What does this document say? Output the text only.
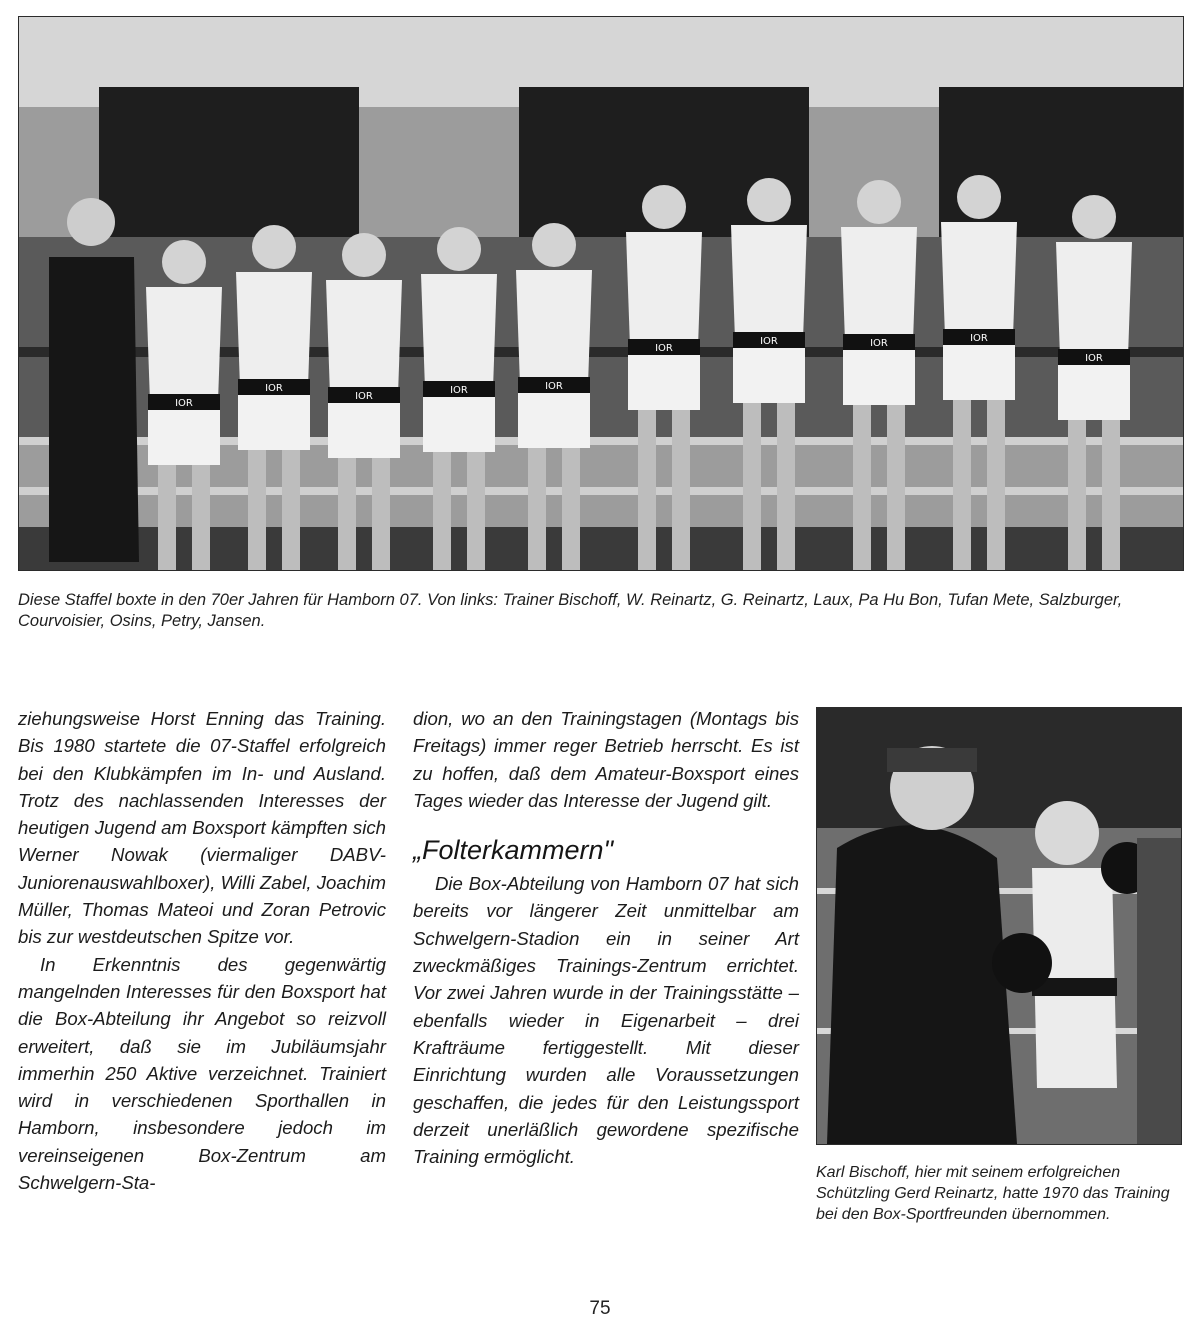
IOR
IOR
IOR
IOR	IOR
IOR
IOR	IOR	IOR
IOR

Diese Staffel boxte in den 70er Jahren für Hamborn 07. Von links: Trainer Bischoff, W. Reinartz, G. Reinartz, Laux, Pa Hu Bon, Tufan Mete, Salzburger, Courvoisier, Osins, Petry, Jansen.

ziehungsweise Horst Enning das Training. Bis 1980 startete die 07-Staffel erfolgreich bei den Klubkämpfen im In- und Ausland. Trotz des nachlassenden Interesses der heutigen Jugend am Boxsport kämpften sich Werner Nowak (viermaliger DABV-Juniorenauswahlboxer), Willi Zabel, Joachim Müller, Thomas Mateoi und Zoran Petrovic bis zur westdeutschen Spitze vor.

In Erkenntnis des gegenwärtig mangelnden Interesses für den Boxsport hat die Box-Abteilung ihr Angebot so reizvoll erweitert, daß sie im Jubiläumsjahr immerhin 250 Aktive verzeichnet. Trainiert wird in verschiedenen Sporthallen in Hamborn, insbesondere jedoch im vereinseigenen Box-Zentrum am Schwelgern-Sta-

dion, wo an den Trainingstagen (Montags bis Freitags) immer reger Betrieb herrscht. Es ist zu hoffen, daß dem Amateur-Boxsport eines Tages wieder das Interesse der Jugend gilt.

„Folterkammern"

Die Box-Abteilung von Hamborn 07 hat sich bereits vor längerer Zeit unmittelbar am Schwelgern-Stadion ein in seiner Art zweckmäßiges Trainings-Zentrum errichtet. Vor zwei Jahren wurde in der Trainingsstätte – ebenfalls wieder in Eigenarbeit – drei Krafträume fertiggestellt. Mit dieser Einrichtung wurden alle Voraussetzungen geschaffen, die jedes für den Leistungssport derzeit unerläßlich gewordene spezifische Training ermöglicht.

Karl Bischoff, hier mit seinem erfolgreichen Schützling Gerd Reinartz, hatte 1970 das Training bei den Box-Sportfreunden übernommen.

75
